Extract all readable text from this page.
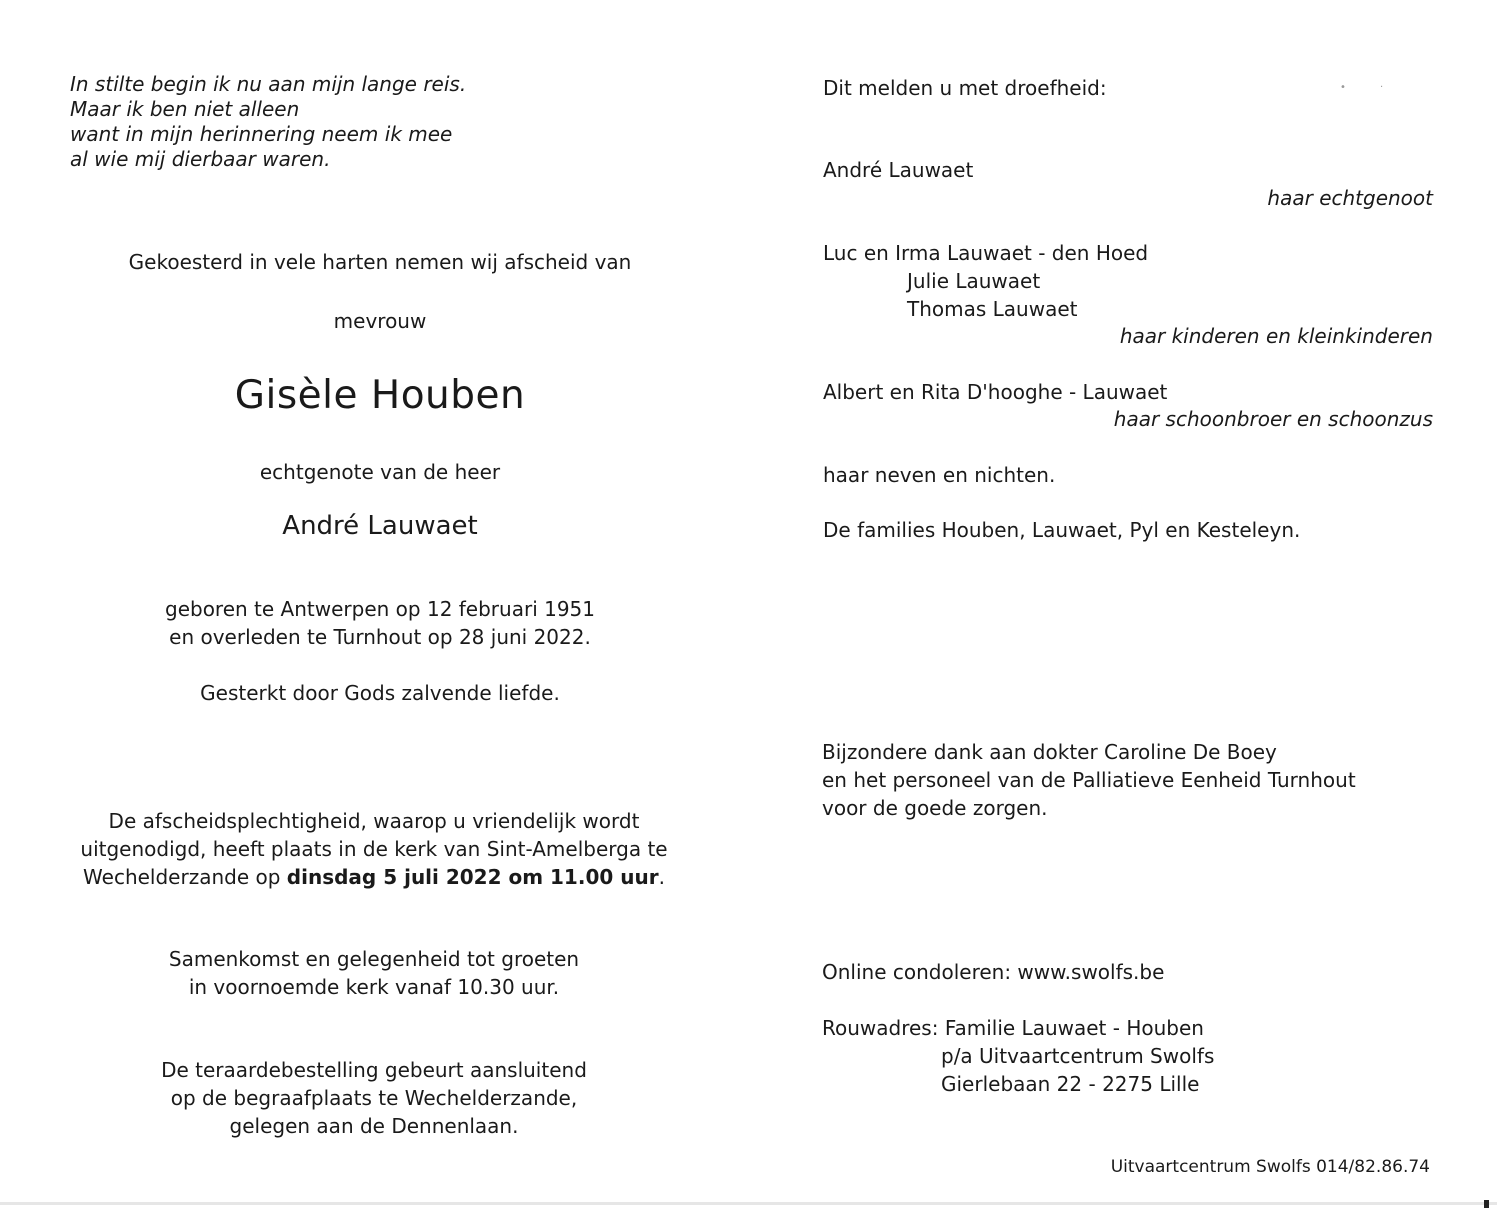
In stilte begin ik nu aan mijn lange reis.
Maar ik ben niet alleen
want in mijn herinnering neem ik mee
al wie mij dierbaar waren.
Gekoesterd in vele harten nemen wij afscheid van
mevrouw
Gisèle Houben
echtgenote van de heer
André Lauwaet
geboren te Antwerpen op 12 februari 1951
en overleden te Turnhout op 28 juni 2022.
Gesterkt door Gods zalvende liefde.
De afscheidsplechtigheid, waarop u vriendelijk wordt
uitgenodigd, heeft plaats in de kerk van Sint-Amelberga te
Wechelderzande op dinsdag 5 juli 2022 om 11.00 uur.
Samenkomst en gelegenheid tot groeten
in voornoemde kerk vanaf 10.30 uur.
De teraardebestelling gebeurt aansluitend
op de begraafplaats te Wechelderzande,
gelegen aan de Dennenlaan.
Dit melden u met droefheid:	•	·
André Lauwaet
haar echtgenoot
Luc en Irma Lauwaet - den Hoed
Julie Lauwaet
Thomas Lauwaet
haar kinderen en kleinkinderen
Albert en Rita D'hooghe - Lauwaet
haar schoonbroer en schoonzus
haar neven en nichten.
De families Houben, Lauwaet, Pyl en Kesteleyn.
Bijzondere dank aan dokter Caroline De Boey
en het personeel van de Palliatieve Eenheid Turnhout
voor de goede zorgen.
Online condoleren: www.swolfs.be
Rouwadres: Familie Lauwaet - Houben
p/a Uitvaartcentrum Swolfs
Gierlebaan 22 - 2275 Lille
Uitvaartcentrum Swolfs 014/82.86.74
